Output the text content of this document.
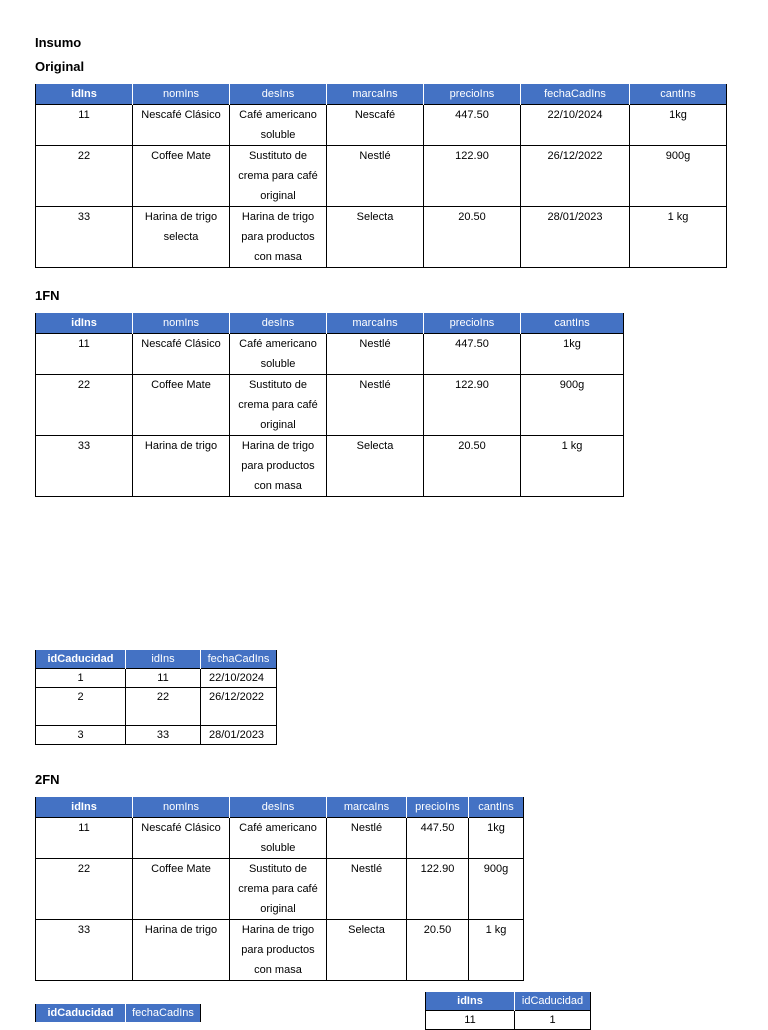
Insumo
Original
idIns	nomIns	desIns	marcaIns	precioIns	fechaCadIns	cantIns
11	Nescafé Clásico	Café americano soluble	Nescafé	447.50	22/10/2024	1kg
22	Coffee Mate	Sustituto de crema para café original	Nestlé	122.90	26/12/2022	900g
33	Harina de trigo selecta	Harina de trigo para productos con masa	Selecta	20.50	28/01/2023	1 kg
1FN
idIns	nomIns	desIns	marcaIns	precioIns	cantIns
11	Nescafé Clásico	Café americano soluble	Nestlé	447.50	1kg
22	Coffee Mate	Sustituto de crema para café original	Nestlé	122.90	900g
33	Harina de trigo	Harina de trigo para productos con masa	Selecta	20.50	1 kg
idCaducidad	idIns	fechaCadIns
1	11	22/10/2024
2	22	26/12/2022
3	33	28/01/2023
2FN
idIns	nomIns	desIns	marcaIns	precioIns	cantIns
11	Nescafé Clásico	Café americano soluble	Nestlé	447.50	1kg
22	Coffee Mate	Sustituto de crema para café original	Nestlé	122.90	900g
33	Harina de trigo	Harina de trigo para productos con masa	Selecta	20.50	1 kg
idCaducidad	fechaCadIns
idIns	idCaducidad
11	1
